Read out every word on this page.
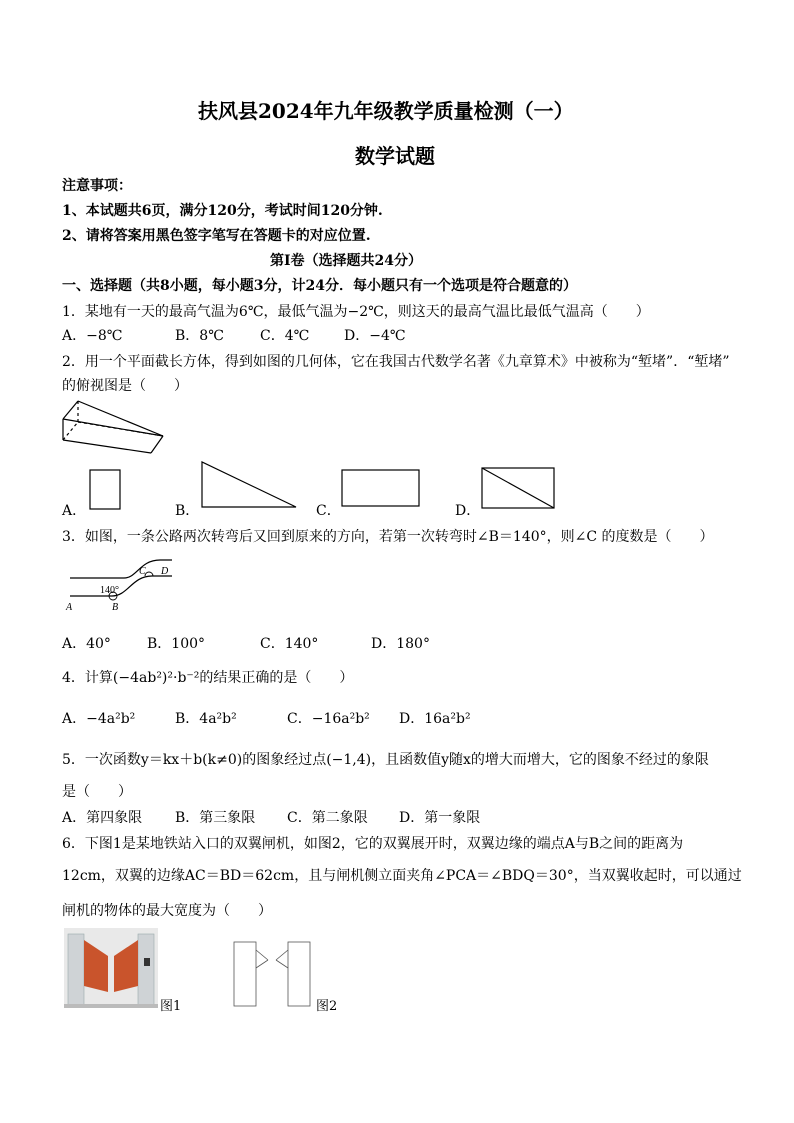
扶风县2024年九年级教学质量检测（一）
数学试题
注意事项：
1、本试题共6页，满分120分，考试时间120分钟.
2、请将答案用黑色签字笔写在答题卡的对应位置.
第Ⅰ卷（选择题共24分）
一、选择题（共8小题，每小题3分，计24分．每小题只有一个选项是符合题意的）
1．某地有一天的最高气温为6℃，最低气温为−2℃，则这天的最高气温比最低气温高（　　）
A．−8℃	B．8℃	C．4℃ D．−4℃
2．用一个平面截长方体，得到如图的几何体，它在我国古代数学名著《九章算术》中被称为“堑堵”．“堑堵”
的俯视图是（　　）
A．	B．	C．	D．
3．如图，一条公路两次转弯后又回到原来的方向，若第一次转弯时∠B＝140°，则∠C 的度数是（　　）
140°
A	B
C D
A．40°	B．100°	C．140°	D．180°
4．计算(−4ab²)²·b⁻²的结果正确的是（　　）
A．−4a²b²	B．4a²b²	C．−16a²b² D．16a²b²
5．一次函数y＝kx＋b(k≠0)的图象经过点(−1,4)，且函数值y随x的增大而增大，它的图象不经过的象限
是（　　）
A．第四象限 B．第三象限 C．第二象限 D．第一象限
6．下图1是某地铁站入口的双翼闸机，如图2，它的双翼展开时，双翼边缘的端点A与B之间的距离为
12cm，双翼的边缘AC＝BD＝62cm，且与闸机侧立面夹角∠PCA＝∠BDQ＝30°，当双翼收起时，可以通过
闸机的物体的最大宽度为（　　）
图1	图2
